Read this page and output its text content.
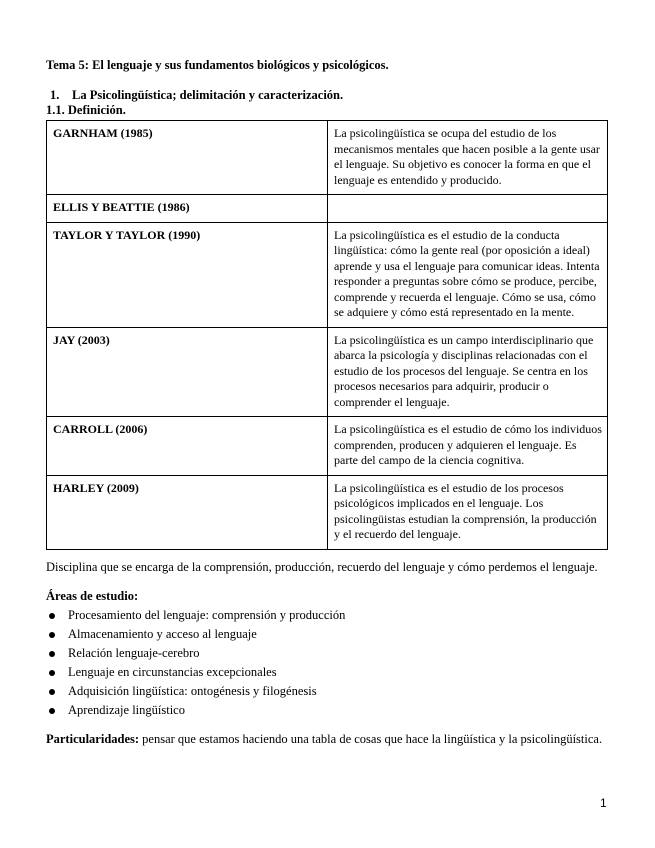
Tema 5: El lenguaje y sus fundamentos biológicos y psicológicos.
1. La Psicolingüística; delimitación y caracterización.
1.1. Definición.
GARNHAM (1985)	La psicolingüística se ocupa del estudio de los mecanismos mentales que hacen posible a la gente usar el lenguaje. Su objetivo es conocer la forma en que el lenguaje es entendido y producido.
ELLIS Y BEATTIE (1986)	
TAYLOR Y TAYLOR (1990)	La psicolingüística es el estudio de la conducta lingüística: cómo la gente real (por oposición a ideal) aprende y usa el lenguaje para comunicar ideas. Intenta responder a preguntas sobre cómo se produce, percibe, comprende y recuerda el lenguaje. Cómo se usa, cómo se adquiere y cómo está representado en la mente.
JAY (2003)	La psicolingüística es un campo interdisciplinario que abarca la psicología y disciplinas relacionadas con el estudio de los procesos del lenguaje. Se centra en los procesos necesarios para adquirir, producir o comprender el lenguaje.
CARROLL (2006)	La psicolingüística es el estudio de cómo los individuos comprenden, producen y adquieren el lenguaje. Es parte del campo de la ciencia cognitiva.
HARLEY (2009)	La psicolingüística es el estudio de los procesos psicológicos implicados en el lenguaje. Los psicolingüistas estudian la comprensión, la producción y el recuerdo del lenguaje.

Disciplina que se encarga de la comprensión, producción, recuerdo del lenguaje y cómo perdemos el lenguaje.

Áreas de estudio:
Procesamiento del lenguaje: comprensión y producción
Almacenamiento y acceso al lenguaje
Relación lenguaje-cerebro
Lenguaje en circunstancias excepcionales
Adquisición lingüística: ontogénesis y filogénesis
Aprendizaje lingüístico

Particularidades: pensar que estamos haciendo una tabla de cosas que hace la lingüística y la psicolingüística.

1
